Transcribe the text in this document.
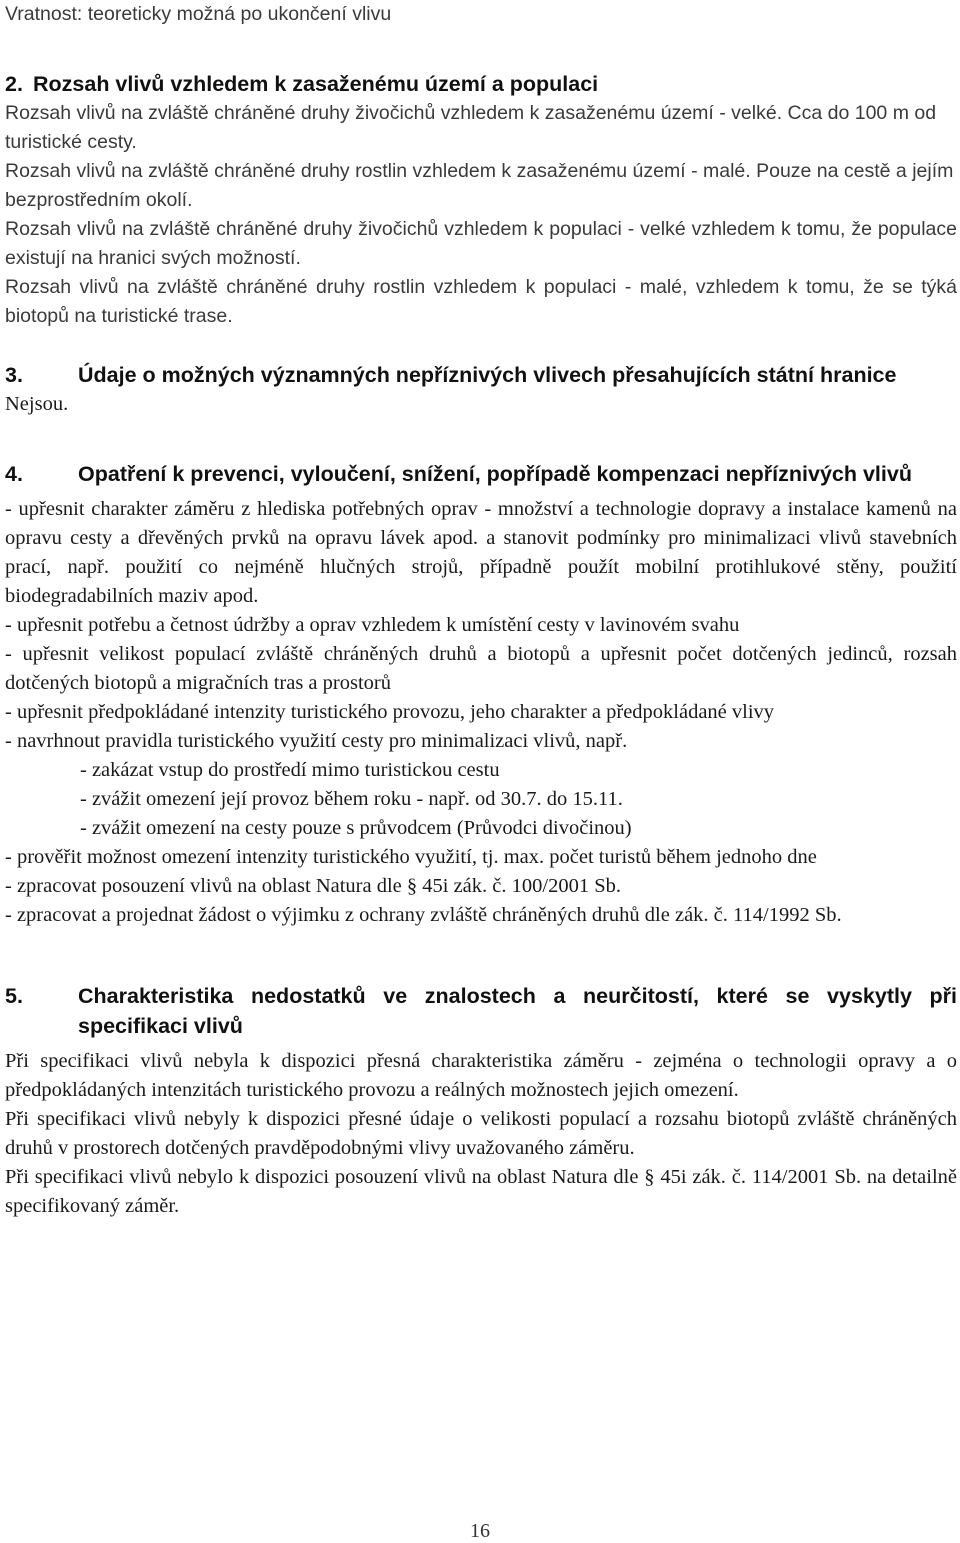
Vratnost: teoreticky možná po ukončení vlivu

2. Rozsah vlivů vzhledem k zasaženému území a populaci

Rozsah vlivů na zvláště chráněné druhy živočichů vzhledem k zasaženému území - velké. Cca do 100 m od turistické cesty.

Rozsah vlivů na zvláště chráněné druhy rostlin vzhledem k zasaženému území - malé. Pouze na cestě a jejím bezprostředním okolí.

Rozsah vlivů na zvláště chráněné druhy živočichů vzhledem k populaci - velké vzhledem k tomu, že populace existují na hranici svých možností.

Rozsah vlivů na zvláště chráněné druhy rostlin vzhledem k populaci - malé, vzhledem k tomu, že se týká biotopů na turistické trase.

3.	Údaje o možných významných nepříznivých vlivech přesahujících státní hranice

Nejsou.

4.	Opatření k prevenci, vyloučení, snížení, popřípadě kompenzaci nepříznivých vlivů

- upřesnit charakter záměru z hlediska potřebných oprav - množství a technologie dopravy a instalace kamenů na opravu cesty a dřevěných prvků na opravu lávek apod. a stanovit podmínky pro minimalizaci vlivů stavebních prací, např. použití co nejméně hlučných strojů, případně použít mobilní protihlukové stěny, použití biodegradabilních maziv apod.

- upřesnit potřebu a četnost údržby a oprav vzhledem k umístění cesty v lavinovém svahu

- upřesnit velikost populací zvláště chráněných druhů a biotopů a upřesnit počet dotčených jedinců, rozsah dotčených biotopů a migračních tras a prostorů

- upřesnit předpokládané intenzity turistického provozu, jeho charakter a předpokládané vlivy

- navrhnout pravidla turistického využití cesty pro minimalizaci vlivů, např.

- zakázat vstup do prostředí mimo turistickou cestu

- zvážit omezení její provoz během roku - např. od 30.7. do 15.11.

- zvážit omezení na cesty pouze s průvodcem (Průvodci divočinou)

- prověřit možnost omezení intenzity turistického využití, tj. max. počet turistů během jednoho dne

- zpracovat posouzení vlivů na oblast Natura dle § 45i zák. č. 100/2001 Sb.

- zpracovat a projednat žádost o výjimku z ochrany zvláště chráněných druhů dle zák. č. 114/1992 Sb.

5.	Charakteristika nedostatků ve znalostech a neurčitostí, které se vyskytly při specifikaci vlivů

Při specifikaci vlivů nebyla k dispozici přesná charakteristika záměru - zejména o technologii opravy a o předpokládaných intenzitách turistického provozu a reálných možnostech jejich omezení.

Při specifikaci vlivů nebyly k dispozici přesné údaje o velikosti populací a rozsahu biotopů zvláště chráněných druhů v prostorech dotčených pravděpodobnými vlivy uvažovaného záměru.

Při specifikaci vlivů nebylo k dispozici posouzení vlivů na oblast Natura dle § 45i zák. č. 114/2001 Sb. na detailně specifikovaný záměr.

16
